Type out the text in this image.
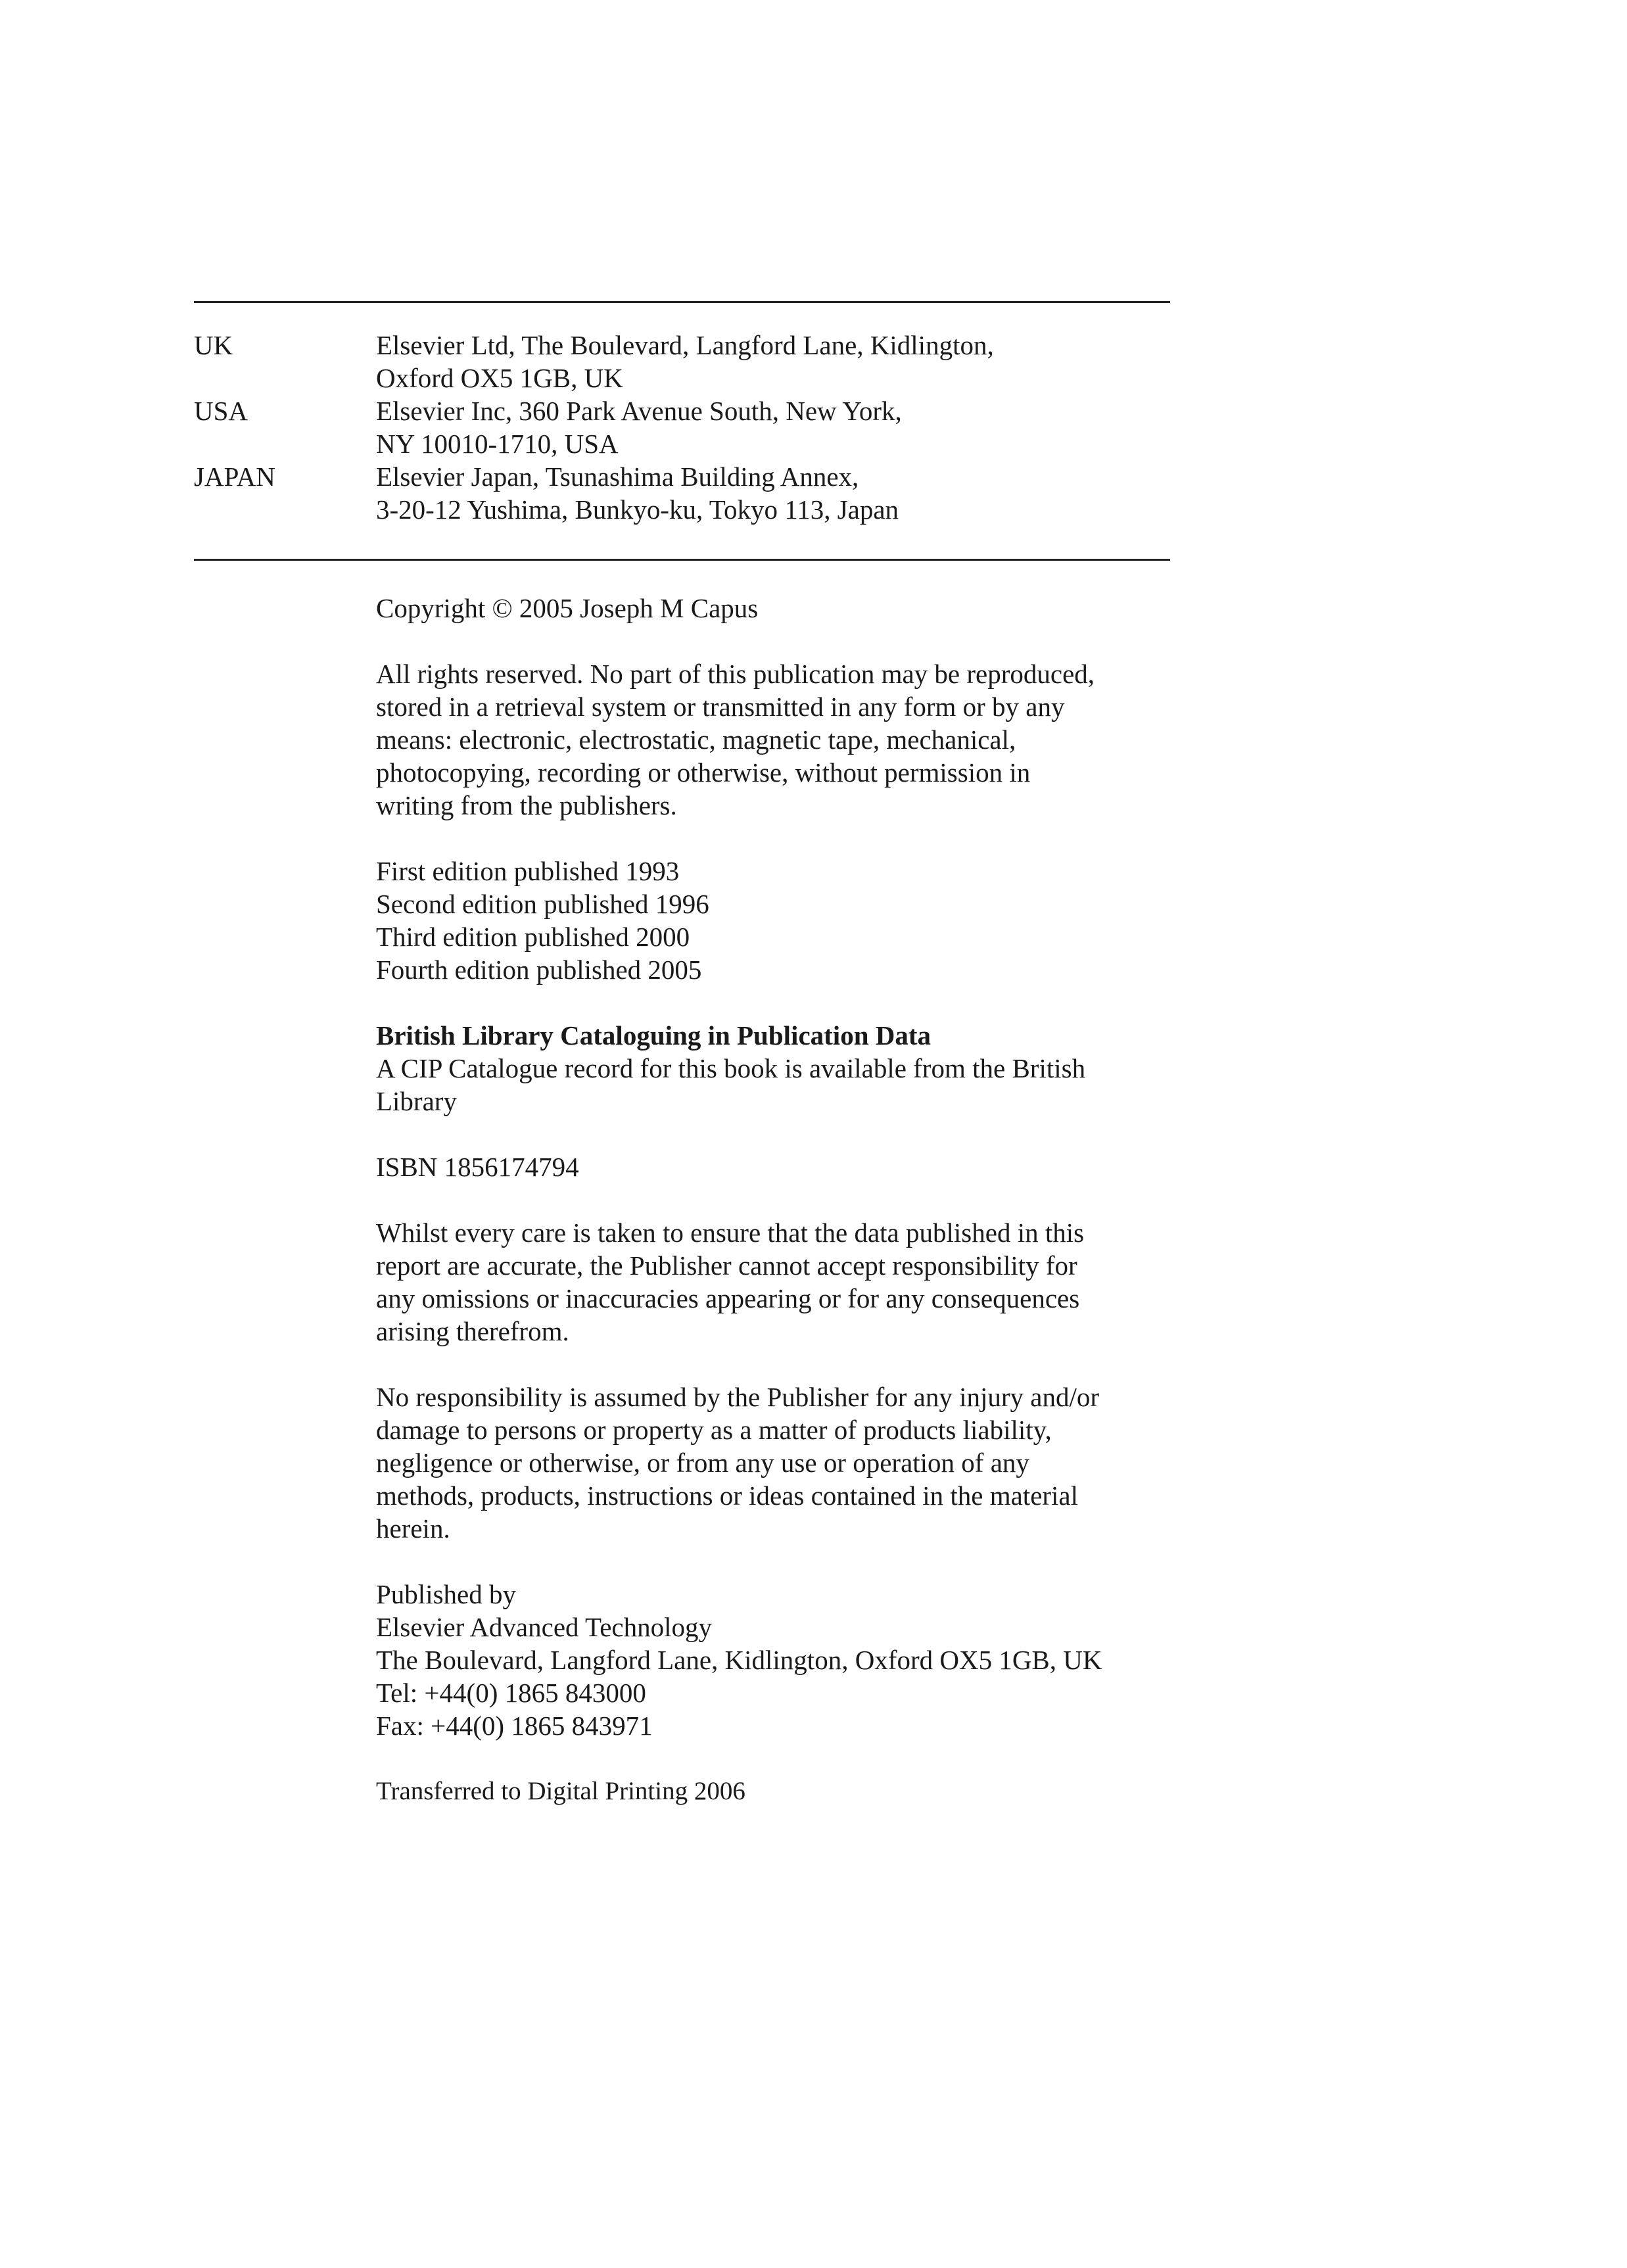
UK	Elsevier Ltd, The Boulevard, Langford Lane, Kidlington,
Oxford OX5 1GB, UK
USA	Elsevier Inc, 360 Park Avenue South, New York,
NY 10010-1710, USA
JAPAN	Elsevier Japan, Tsunashima Building Annex,
3-20-12 Yushima, Bunkyo-ku, Tokyo 113, Japan

Copyright © 2005 Joseph M Capus

All rights reserved. No part of this publication may be reproduced,
stored in a retrieval system or transmitted in any form or by any
means: electronic, electrostatic, magnetic tape, mechanical,
photocopying, recording or otherwise, without permission in
writing from the publishers.

First edition published 1993
Second edition published 1996
Third edition published 2000
Fourth edition published 2005

British Library Cataloguing in Publication Data
A CIP Catalogue record for this book is available from the British
Library

ISBN 1856174794

Whilst every care is taken to ensure that the data published in this
report are accurate, the Publisher cannot accept responsibility for
any omissions or inaccuracies appearing or for any consequences
arising therefrom.

No responsibility is assumed by the Publisher for any injury and/or
damage to persons or property as a matter of products liability,
negligence or otherwise, or from any use or operation of any
methods, products, instructions or ideas contained in the material
herein.

Published by
Elsevier Advanced Technology
The Boulevard, Langford Lane, Kidlington, Oxford OX5 1GB, UK
Tel: +44(0) 1865 843000
Fax: +44(0) 1865 843971

Transferred to Digital Printing 2006
